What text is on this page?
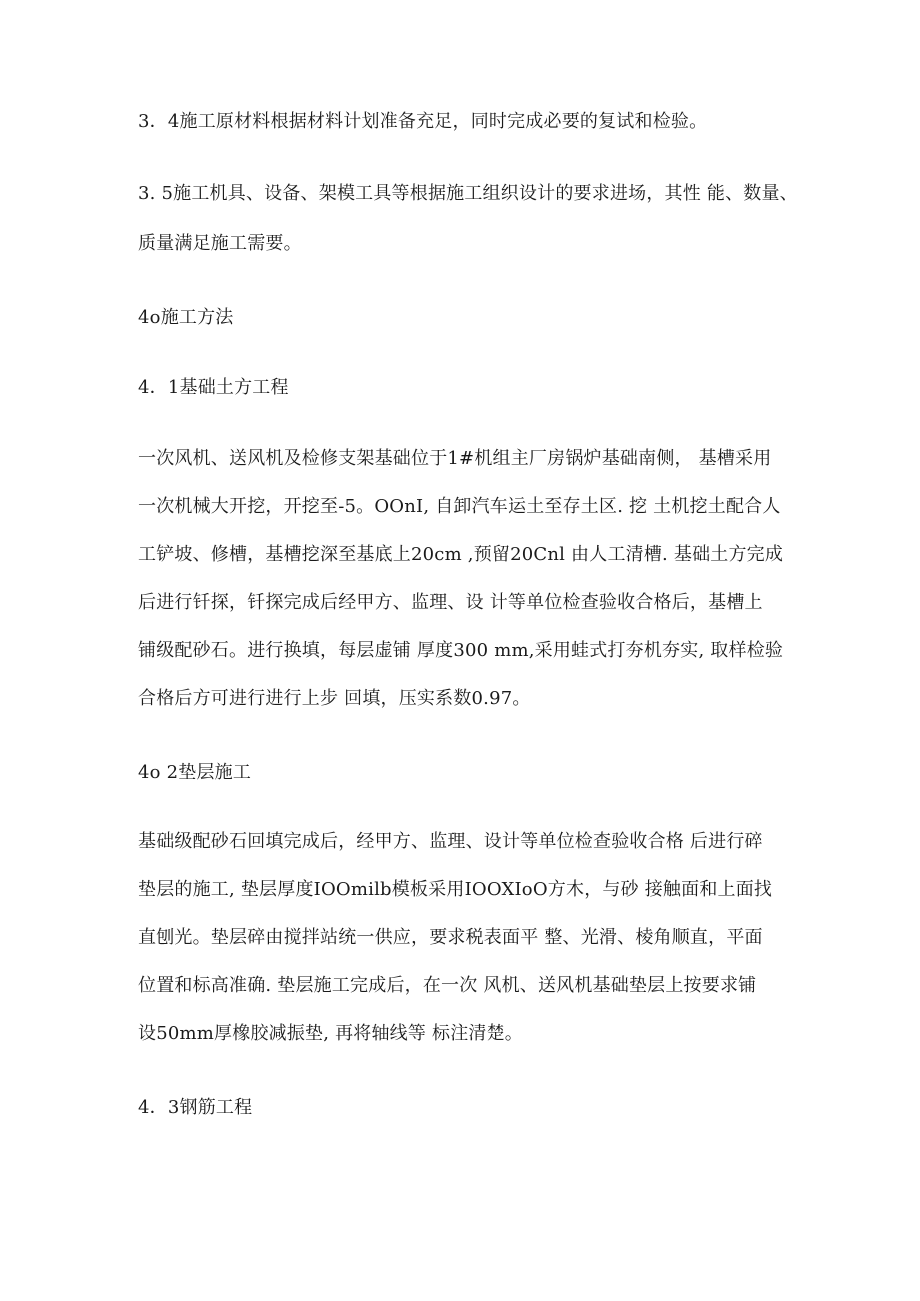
3．4施工原材料根据材料计划准备充足，同时完成必要的复试和检验。
3. 5施工机具、设备、架模工具等根据施工组织设计的要求进场，其性 能、数量、
质量满足施工需要。
4o施工方法
4．1基础土方工程
一次风机、送风机及检修支架基础位于1#机组主厂房锅炉基础南侧， 基槽采用
一次机械大开挖，开挖至-5。OOnI, 自卸汽车运土至存土区. 挖 土机挖土配合人
工铲坡、修槽，基槽挖深至基底上20cm ,预留20Cnl 由人工清槽. 基础土方完成
后进行钎探，钎探完成后经甲方、监理、设 计等单位检查验收合格后，基槽上
铺级配砂石。进行换填，每层虚铺 厚度300 mm,采用蛙式打夯机夯实, 取样检验
合格后方可进行进行上步 回填，压实系数0.97。
4o 2垫层施工
基础级配砂石回填完成后，经甲方、监理、设计等单位检查验收合格 后进行碎
垫层的施工, 垫层厚度IOOmilb模板采用IOOXIoO方木，与砂 接触面和上面找
直刨光。垫层碎由搅拌站统一供应，要求税表面平 整、光滑、棱角顺直，平面
位置和标高准确. 垫层施工完成后，在一次 风机、送风机基础垫层上按要求铺
设50mm厚橡胶减振垫, 再将轴线等 标注清楚。
4．3钢筋工程
